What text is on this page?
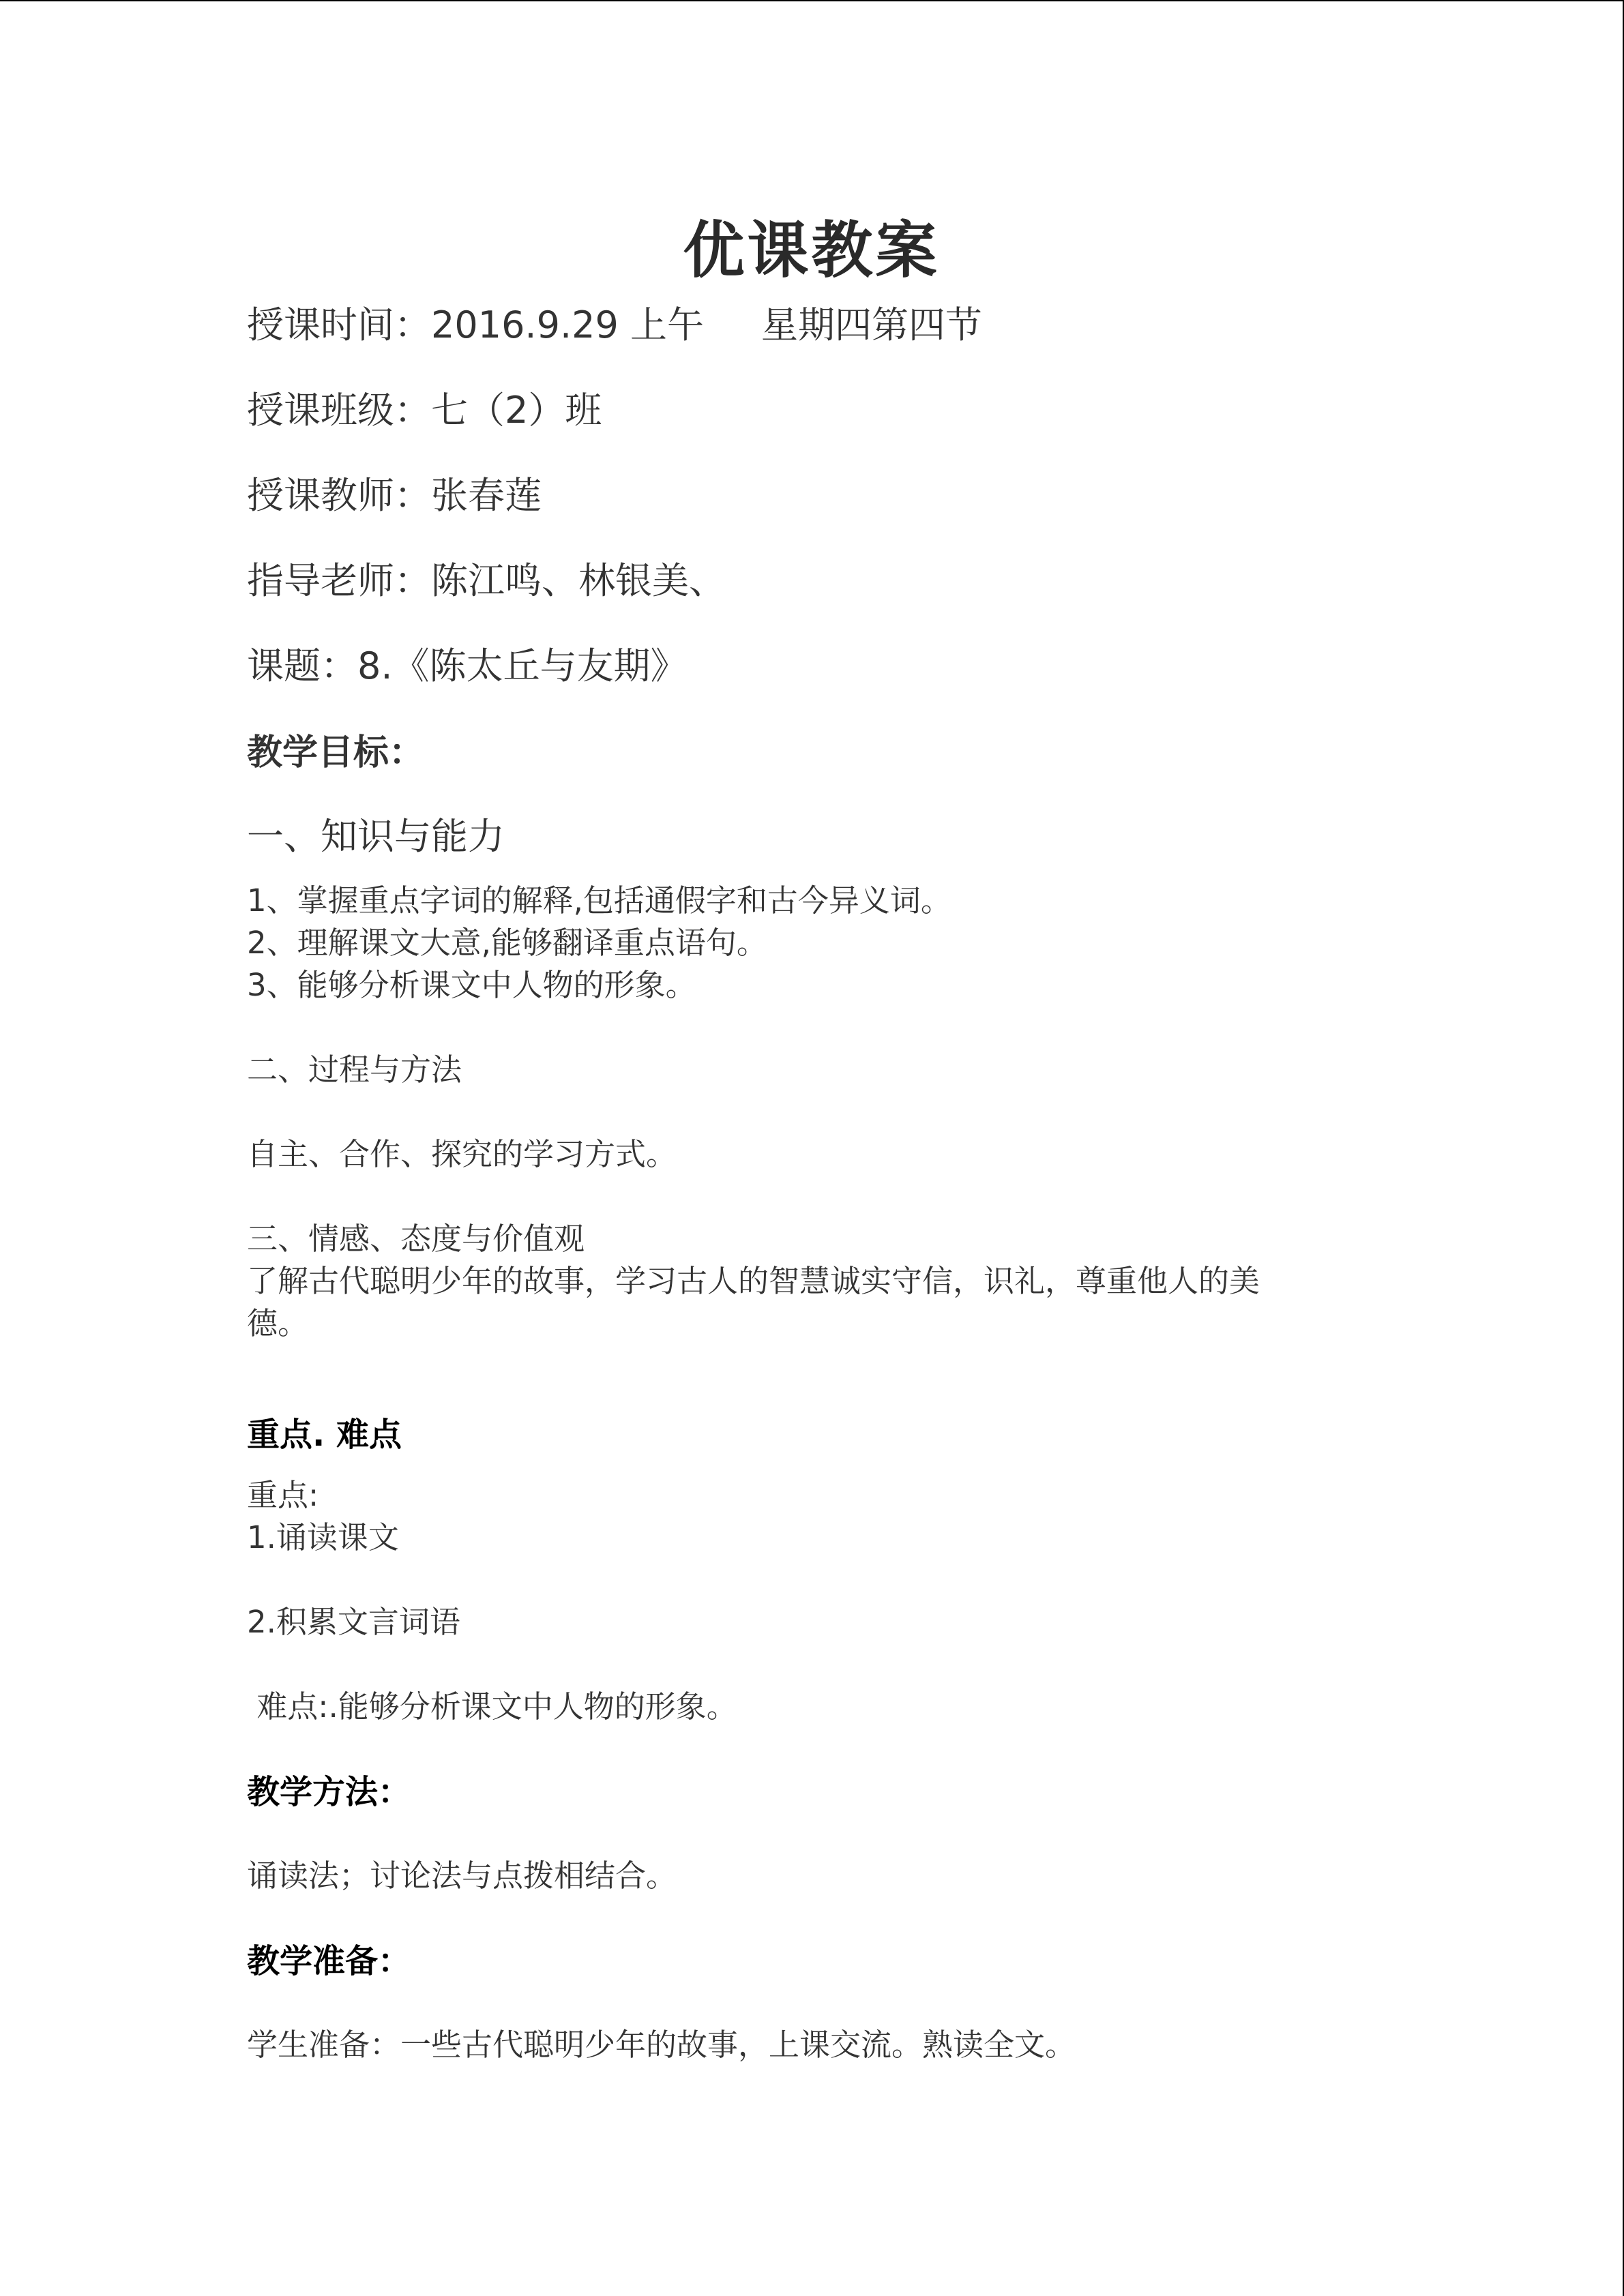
优课教案
授课时间：2016.9.29 上午 星期四第四节
授课班级：七（2）班
授课教师：张春莲
指导老师：陈江鸣、林银美、
课题：8.《陈太丘与友期》
教学目标：
一、知识与能力
1、掌握重点字词的解释,包括通假字和古今异义词。
2、理解课文大意,能够翻译重点语句。
3、能够分析课文中人物的形象。
二、过程与方法
自主、合作、探究的学习方式。
三、情感、态度与价值观
了解古代聪明少年的故事，学习古人的智慧诚实守信，识礼，尊重他人的美
德。
重点. 难点
重点:
1.诵读课文
2.积累文言词语
难点:.能够分析课文中人物的形象。
教学方法：
诵读法；讨论法与点拨相结合。
教学准备：
学生准备：一些古代聪明少年的故事，上课交流。熟读全文。
